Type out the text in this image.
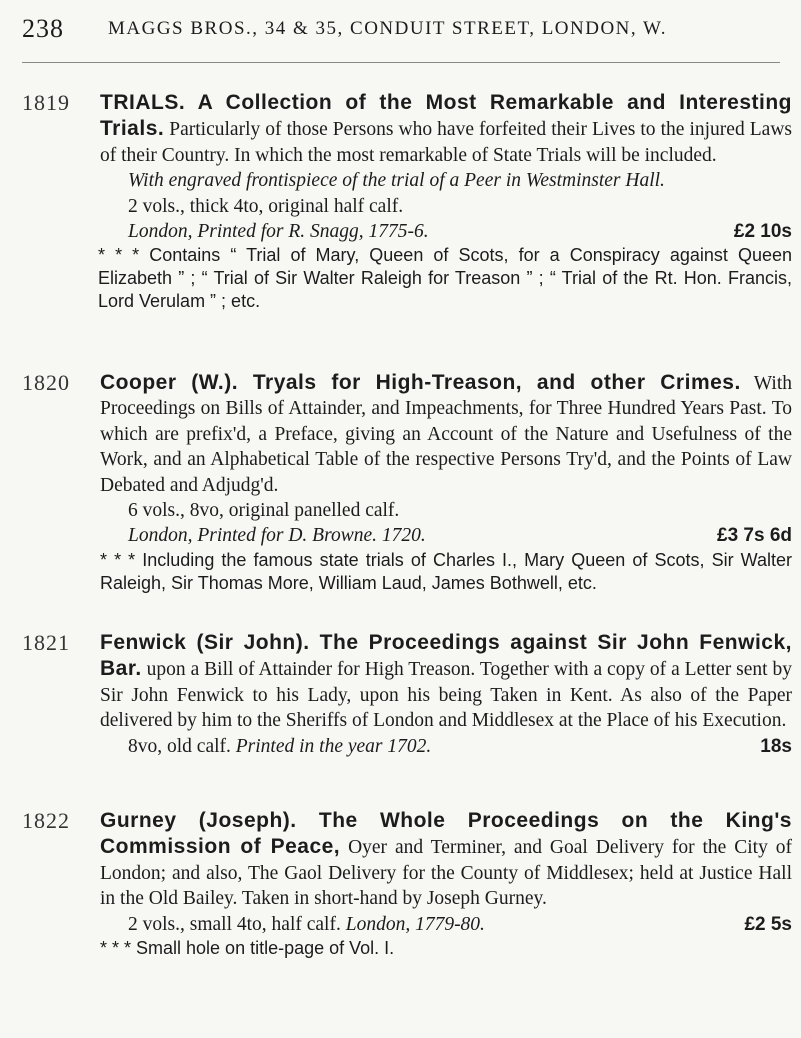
238 MAGGS BROS., 34 & 35, CONDUIT STREET, LONDON, W.
1819 TRIALS. A Collection of the Most Remarkable and Interesting Trials. Particularly of those Persons who have forfeited their Lives to the injured Laws of their Country. In which the most remarkable of State Trials will be included.
With engraved frontispiece of the trial of a Peer in Westminster Hall.
2 vols., thick 4to, original half calf.
London, Printed for R. Snagg, 1775-6.	£2 10s
* * * Contains “ Trial of Mary, Queen of Scots, for a Conspiracy against Queen Elizabeth ” ; “ Trial of Sir Walter Raleigh for Treason ” ; “ Trial of the Rt. Hon. Francis, Lord Verulam ” ; etc.
1820 Cooper (W.). Tryals for High-Treason, and other Crimes. With Proceedings on Bills of Attainder, and Impeachments, for Three Hundred Years Past. To which are prefix'd, a Preface, giving an Account of the Nature and Usefulness of the Work, and an Alphabetical Table of the respective Persons Try'd, and the Points of Law Debated and Adjudg'd.
6 vols., 8vo, original panelled calf.
London, Printed for D. Browne. 1720.	£3 7s 6d
* * * Including the famous state trials of Charles I., Mary Queen of Scots, Sir Walter Raleigh, Sir Thomas More, William Laud, James Bothwell, etc.
1821 Fenwick (Sir John). The Proceedings against Sir John Fenwick, Bar. upon a Bill of Attainder for High Treason. Together with a copy of a Letter sent by Sir John Fenwick to his Lady, upon his being Taken in Kent. As also of the Paper delivered by him to the Sheriffs of London and Middlesex at the Place of his Execution.
8vo, old calf. Printed in the year 1702.	18s
1822 Gurney (Joseph). The Whole Proceedings on the King's Commission of Peace, Oyer and Terminer, and Goal Delivery for the City of London; and also, The Gaol Delivery for the County of Middlesex; held at Justice Hall in the Old Bailey. Taken in short-hand by Joseph Gurney.
2 vols., small 4to, half calf. London, 1779-80.	£2 5s
* * * Small hole on title-page of Vol. I.
